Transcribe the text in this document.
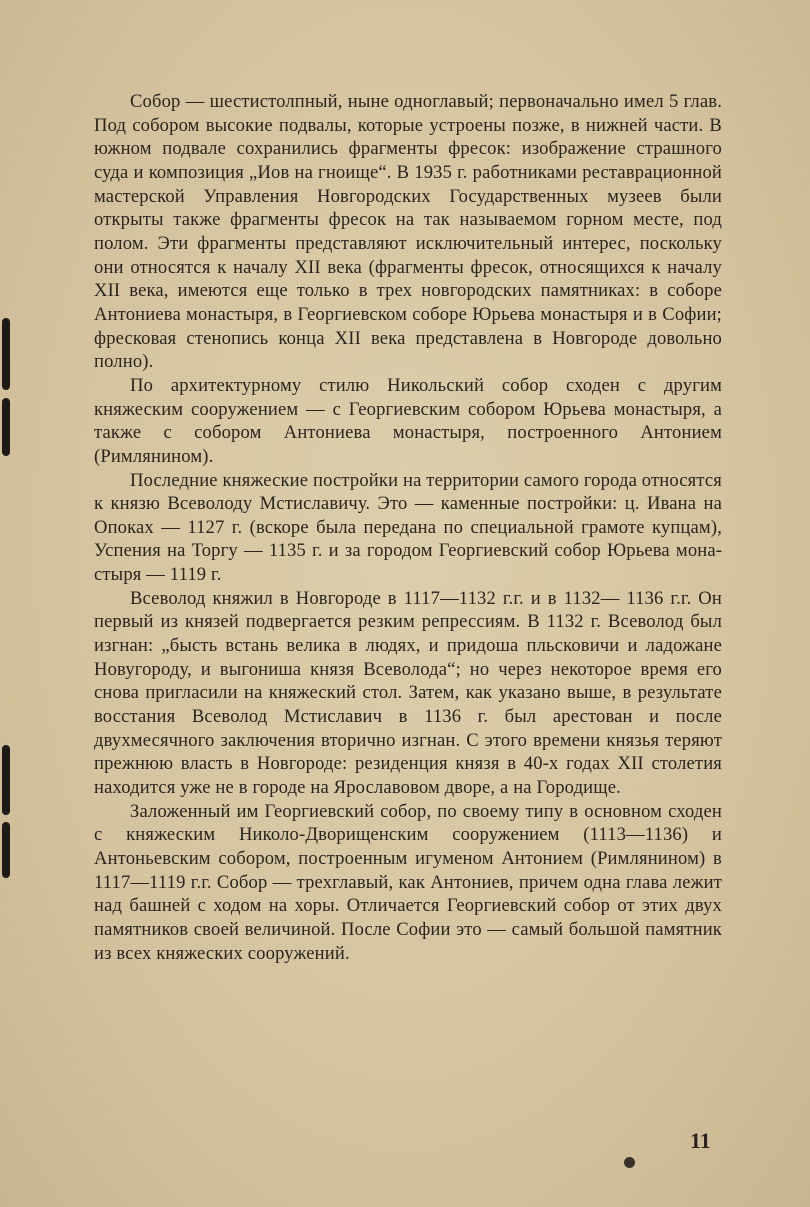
Собор — шестистолпный, ныне одноглавый; первоначально имел 5 глав. Под собором высокие подвалы, которые устроены позже, в нижней части. В южном подвале сохранились фрагменты фресок: изображение страшного суда и композиция „Иов на гноище“. В 1935 г. работниками реставрационной мастерской Управления Новгородских Государственных музеев были открыты также фрагменты фресок на так называемом горном месте, под полом. Эти фрагменты представляют исключительный интерес, поскольку они относятся к началу XII века (фрагменты фресок, относящихся к началу XII века, имеются еще только в трех новгородских памятниках: в соборе Антониева монастыря, в Георгиевском соборе Юрьева монастыря и в Софии; фресковая стенопись конца XII века представлена в Новгороде довольно полно).

По архитектурному стилю Никольский собор сходен с другим княжеским сооружением — с Георгиевским собором Юрьева монастыря, а также с собором Антониева монастыря, построенного Антонием (Римлянином).

Последние княжеские постройки на территории самого города относятся к князю Всеволоду Мстиславичу. Это — каменные постройки: ц. Ивана на Опоках — 1127 г. (вскоре была передана по специальной грамоте купцам), Успения на Торгу — 1135 г. и за городом Георгиевский собор Юрьева монастыря — 1119 г.

Всеволод княжил в Новгороде в 1117—1132 г.г. и в 1132— 1136 г.г. Он первый из князей подвергается резким репрессиям. В 1132 г. Всеволод был изгнан: „бысть встань велика в людях, и придоша пльсковичи и ладожане Новугороду, и выгониша князя Всеволода“; но через некоторое время его снова пригласили на княжеский стол. Затем, как указано выше, в результате восстания Всеволод Мстиславич в 1136 г. был арестован и после двухмесячного заключения вторично изгнан. С этого времени князья теряют прежнюю власть в Новгороде: резиденция князя в 40-х годах XII столетия находится уже не в городе на Ярославовом дворе, а на Городище.

Заложенный им Георгиевский собор, по своему типу в основном сходен с княжеским Николо-Дворищенским сооружением (1113—1136) и Антоньевским собором, построенным игуменом Антонием (Римлянином) в 1117—1119 г.г. Собор — трехглавый, как Антониев, причем одна глава лежит над башней с ходом на хоры. Отличается Георгиевский собор от этих двух памятников своей величиной. После Софии это — самый большой памятник из всех княжеских сооружений.

11
